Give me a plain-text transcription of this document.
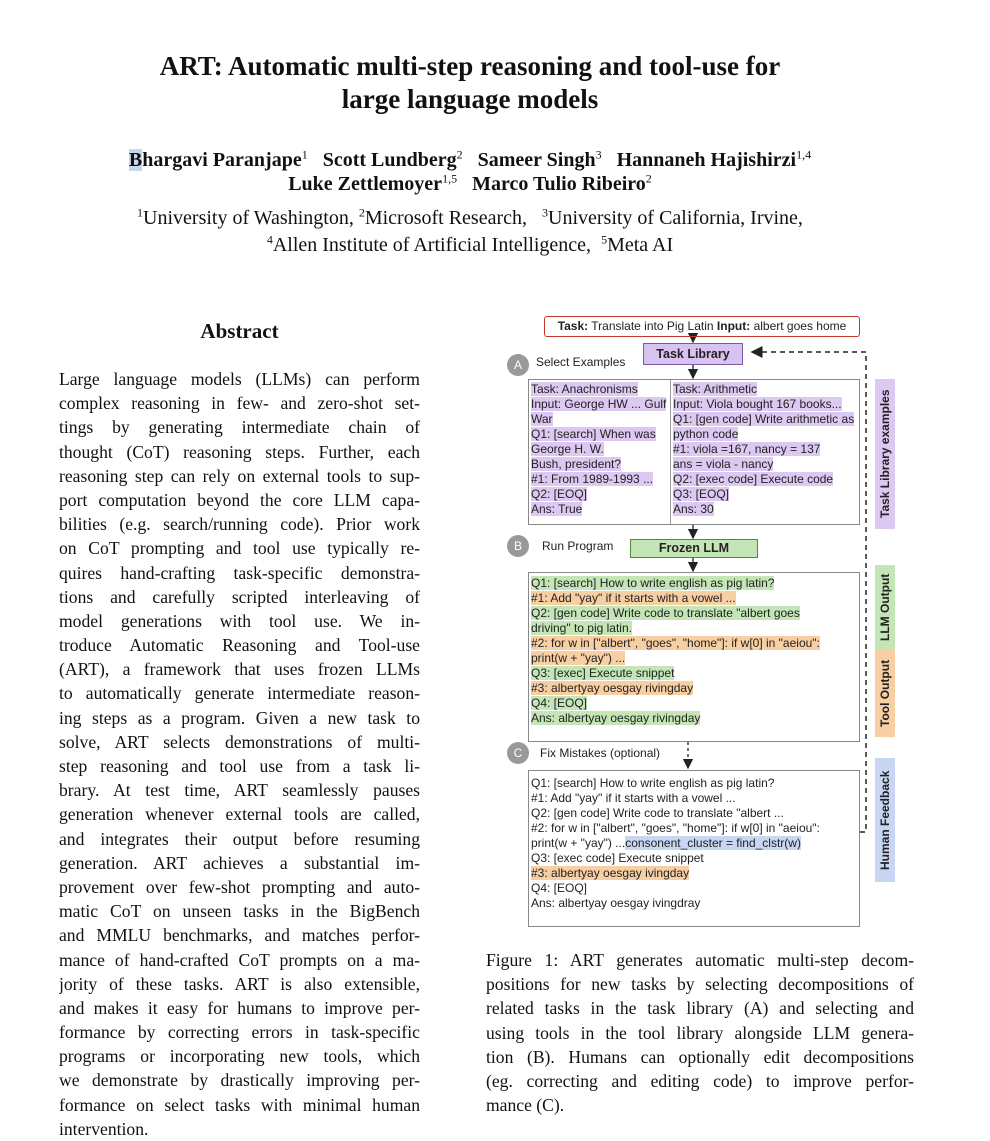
ART: Automatic multi-step reasoning and tool-use for
large language models
Bhargavi Paranjape$^1$ Scott Lundberg$^2$ Sameer Singh$^3$ Hannaneh Hajishirzi$^{1,4}$
Luke Zettlemoyer$^{1,5}$ Marco Tulio Ribeiro$^2$
$^1$University of Washington, $^2$Microsoft Research, $^3$University of California, Irvine,
$^4$Allen Institute of Artificial Intelligence, $^5$Meta AI
Abstract
Large language models (LLMs) can perform
complex reasoning in few- and zero-shot set-
tings by generating intermediate chain of
thought (CoT) reasoning steps. Further, each
reasoning step can rely on external tools to sup-
port computation beyond the core LLM capa-
bilities (e.g. search/running code). Prior work
on CoT prompting and tool use typically re-
quires hand-crafting task-specific demonstra-
tions and carefully scripted interleaving of
model generations with tool use. We in-
troduce Automatic Reasoning and Tool-use
(ART), a framework that uses frozen LLMs
to automatically generate intermediate reason-
ing steps as a program. Given a new task to
solve, ART selects demonstrations of multi-
step reasoning and tool use from a task li-
brary. At test time, ART seamlessly pauses
generation whenever external tools are called,
and integrates their output before resuming
generation. ART achieves a substantial im-
provement over few-shot prompting and auto-
matic CoT on unseen tasks in the BigBench
and MMLU benchmarks, and matches perfor-
mance of hand-crafted CoT prompts on a ma-
jority of these tasks. ART is also extensible,
and makes it easy for humans to improve per-
formance by correcting errors in task-specific
programs or incorporating new tools, which
we demonstrate by drastically improving per-
formance on select tasks with minimal human
intervention.
Task: Translate into Pig Latin Input: albert goes home
A	Select Examples
Task Library
Task: Anachronisms
Input: George HW ... Gulf
War
Q1: [search] When was
George H. W.
Bush, president?
#1: From 1989-1993 ...
Q2: [EOQ]
Ans: True
Task: Arithmetic
Input: Viola bought 167 books...
Q1: [gen code] Write arithmetic as
python code
#1: viola =167, nancy = 137
ans = viola - nancy
Q2: [exec code] Execute code
Q3: [EOQ]
Ans: 30
B	Run Program	Frozen LLM
Q1: [search] How to write english as pig latin?
#1: Add "yay" if it starts with a vowel ...
Q2: [gen code] Write code to translate "albert goes
driving" to pig latin.
#2: for w in ["albert", "goes", "home"]: if w[0] in "aeiou":
print(w + "yay") ...
Q3: [exec] Execute snippet
#3: albertyay oesgay rivingday
Q4: [EOQ]
Ans: albertyay oesgay rivingday
C	Fix Mistakes (optional)
Q1: [search] How to write english as pig latin?
#1: Add "yay" if it starts with a vowel ...
Q2: [gen code] Write code to translate "albert ...
#2: for w in ["albert", "goes", "home"]: if w[0] in "aeiou":
print(w + "yay") ...consonent_cluster = find_clstr(w)
Q3: [exec code] Execute snippet
#3: albertyay oesgay ivingday
Q4: [EOQ]
Ans: albertyay oesgay ivingdray
Task Library examples
LLM Output
Tool Output
Human Feedback
Figure 1: ART generates automatic multi-step decom-
positions for new tasks by selecting decompositions of
related tasks in the task library (A) and selecting and
using tools in the tool library alongside LLM genera-
tion (B). Humans can optionally edit decompositions
(eg. correcting and editing code) to improve perfor-
mance (C).
